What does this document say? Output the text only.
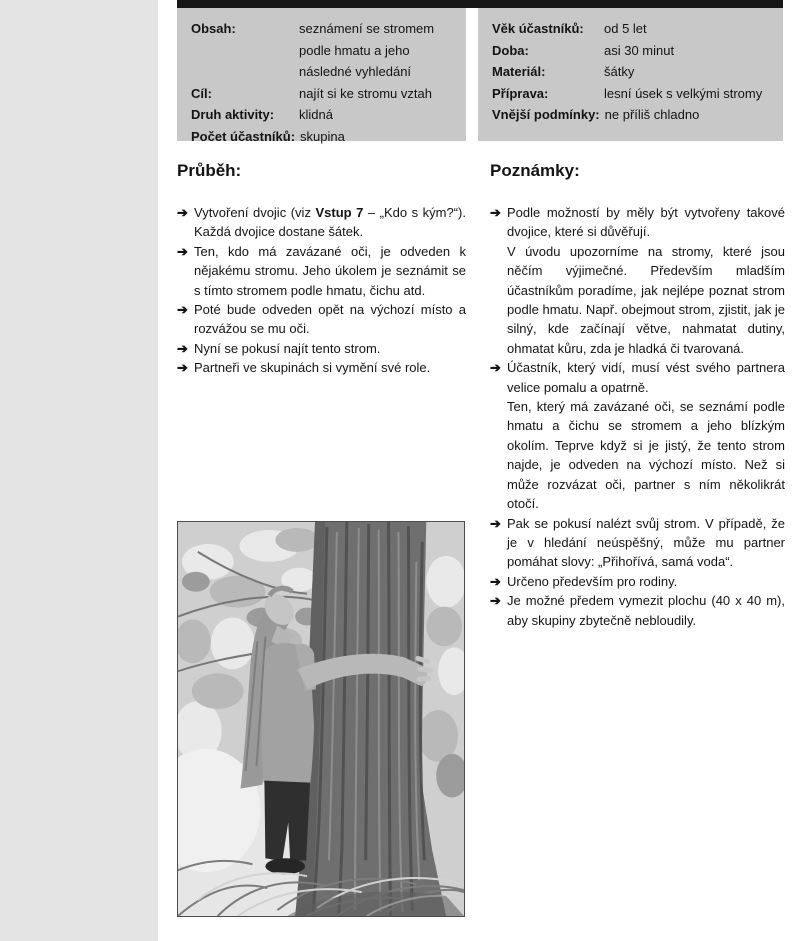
Obsah:	seznámení se stromem podle hmatu a jeho následné vyhledání
Cíl:	najít si ke stromu vztah
Druh aktivity:	klidná
Počet účastníků: skupina
Věk účastníků:	od 5 let
Doba:	asi 30 minut
Materiál:	šátky
Příprava:	lesní úsek s velkými stromy
Vnější podmínky: ne příliš chladno
Průběh:
➔ Vytvoření dvojic (viz Vstup 7 – „Kdo s kým?“). Každá dvojice dostane šátek.

➔ Ten, kdo má zavázané oči, je odveden k nějakému stromu. Jeho úkolem je seznámit se s tímto stromem podle hmatu, čichu atd.

➔ Poté bude odveden opět na výchozí místo a rozvážou se mu oči.

➔ Nyní se pokusí najít tento strom.

➔ Partneři ve skupinách si vymění své role.

Poznámky:
➔ Podle možností by měly být vytvořeny takové dvojice, které si důvěřují.

V úvodu upozorníme na stromy, které jsou něčím výjimečné. Především mladším účastníkům poradíme, jak nejlépe poznat strom podle hmatu. Např. obejmout strom, zjistit, jak je silný, kde začínají větve, nahmatat dutiny, ohmatat kůru, zda je hladká či tvarovaná.

➔ Účastník, který vidí, musí vést svého partnera velice pomalu a opatrně.

Ten, který má zavázané oči, se seznámí podle hmatu a čichu se stromem a jeho blízkým okolím. Teprve když si je jistý, že tento strom najde, je odveden na výchozí místo. Než si může rozvázat oči, partner s ním několikrát otočí.

➔ Pak se pokusí nalézt svůj strom. V případě, že je v hledání neúspěšný, může mu partner pomáhat slovy: „Přihořívá, samá voda“.

➔ Určeno především pro rodiny.

➔ Je možné předem vymezit plochu (40 x 40 m), aby skupiny zbytečně nebloudily.
